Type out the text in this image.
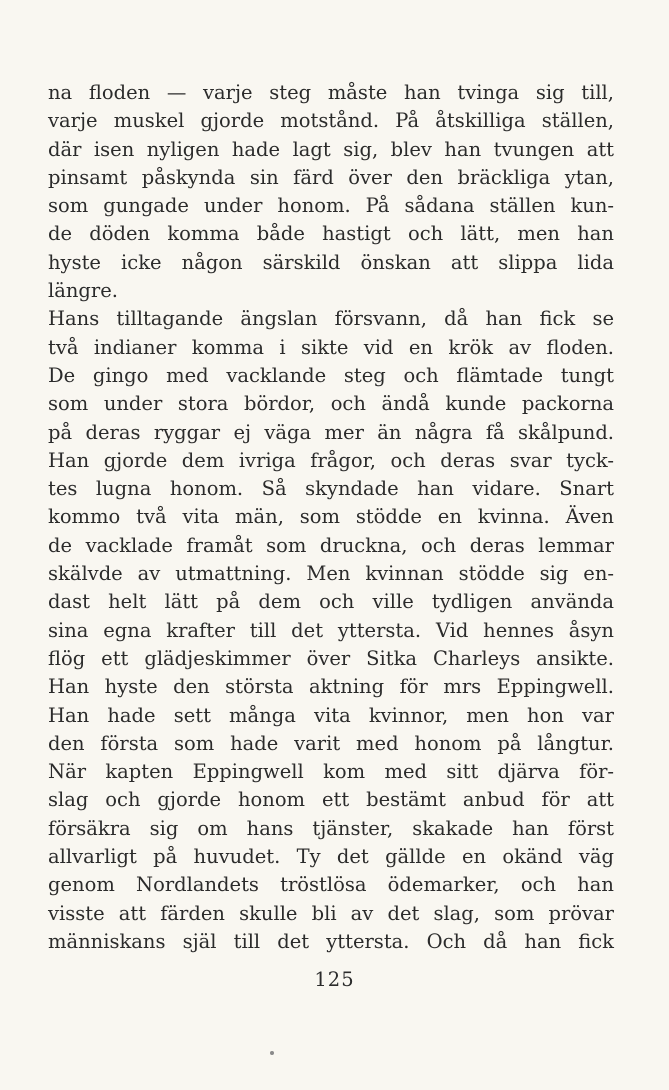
na floden — varje steg måste han tvinga sig till,
varje muskel gjorde motstånd. På åtskilliga ställen,
där isen nyligen hade lagt sig, blev han tvungen att
pinsamt påskynda sin färd över den bräckliga ytan,
som gungade under honom. På sådana ställen kun-
de döden komma både hastigt och lätt, men han
hyste icke någon särskild önskan att slippa lida
längre.
Hans tilltagande ängslan försvann, då han fick se
två indianer komma i sikte vid en krök av floden.
De gingo med vacklande steg och flämtade tungt
som under stora bördor, och ändå kunde packorna
på deras ryggar ej väga mer än några få skålpund.
Han gjorde dem ivriga frågor, och deras svar tyck-
tes lugna honom. Så skyndade han vidare. Snart
kommo två vita män, som stödde en kvinna. Även
de vacklade framåt som druckna, och deras lemmar
skälvde av utmattning. Men kvinnan stödde sig en-
dast helt lätt på dem och ville tydligen använda
sina egna krafter till det yttersta. Vid hennes åsyn
flög ett glädjeskimmer över Sitka Charleys ansikte.
Han hyste den största aktning för mrs Eppingwell.
Han hade sett många vita kvinnor, men hon var
den första som hade varit med honom på långtur.
När kapten Eppingwell kom med sitt djärva för-
slag och gjorde honom ett bestämt anbud för att
försäkra sig om hans tjänster, skakade han först
allvarligt på huvudet. Ty det gällde en okänd väg
genom Nordlandets tröstlösa ödemarker, och han
visste att färden skulle bli av det slag, som prövar
människans själ till det yttersta. Och då han fick
125
